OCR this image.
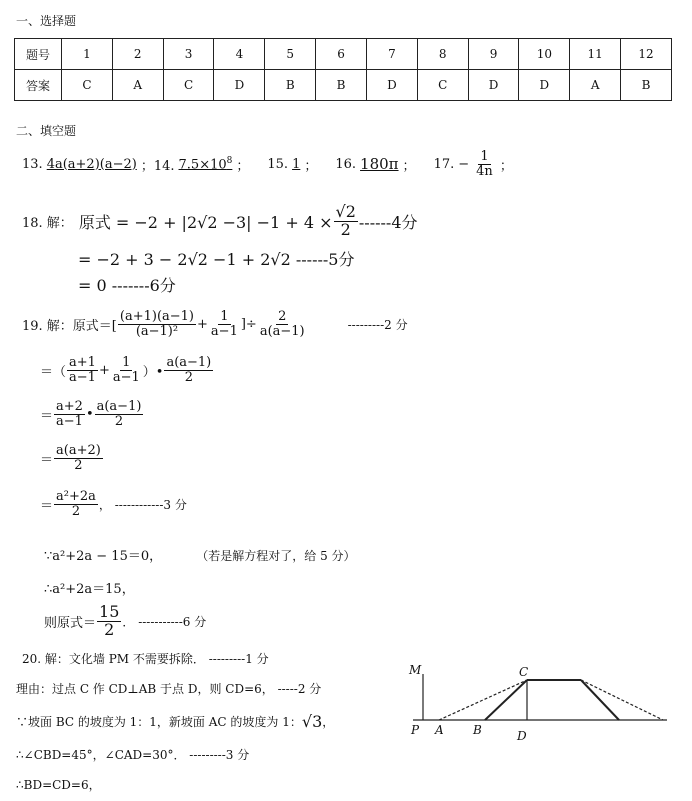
一、选择题
题号	1	2	3	4	5	6	7	8	9	10	11	12
答案	C	A	C	D	B	B	D	C	D	D	A	B
二、填空题
13. 4a(a+2)(a−2) ；14. $7.5\times 10^8$ ； 15. 1 ； 16. 180π ； 17. − $\frac{1}{4n}$ ；
18. 解： 原式 = $-2 + |2√2 -3| -1 + 4 \times \frac{√2}{2} ------4$分
= −2 + 3 − 2√2 −1 + 2√2 ------5分
= 0 -------6分
19. 解：原式＝[ $\frac{(a+1)(a-1)}{\text{(a−1)²}} + \frac{1}{a-1}$ ]÷ $\frac{2}{a(a-1)}$	---------2 分
＝（ $\frac{a+1}{a-1} + \frac{1}{a-1}$ ）• $\frac{a(a-1)}{2}$
＝ $\frac{a+2}{a-1}$ • $\frac{a(a-1)}{2}$
＝ $\frac{a(a+2)}{2}$
＝ $\frac{\text{a²+2a}}{2}$ ， ------------3 分
∵a²+2a − 15＝0，	（若是解方程对了，给 5 分）
∴a²+2a＝15，
则原式＝ $\frac{15}{2}$ ． -----------6 分
20. 解：文化墙 PM 不需要拆除． ---------1 分
理由：过点 C 作 CD⊥AB 于点 D，则 CD=6， -----2 分
∵坡面 BC 的坡度为 1：1，新坡面 AC 的坡度为 1： √3 ，
∴∠CBD=45°，∠CAD=30°． ---------3 分
∴BD=CD=6，
M	C
P A B	D
